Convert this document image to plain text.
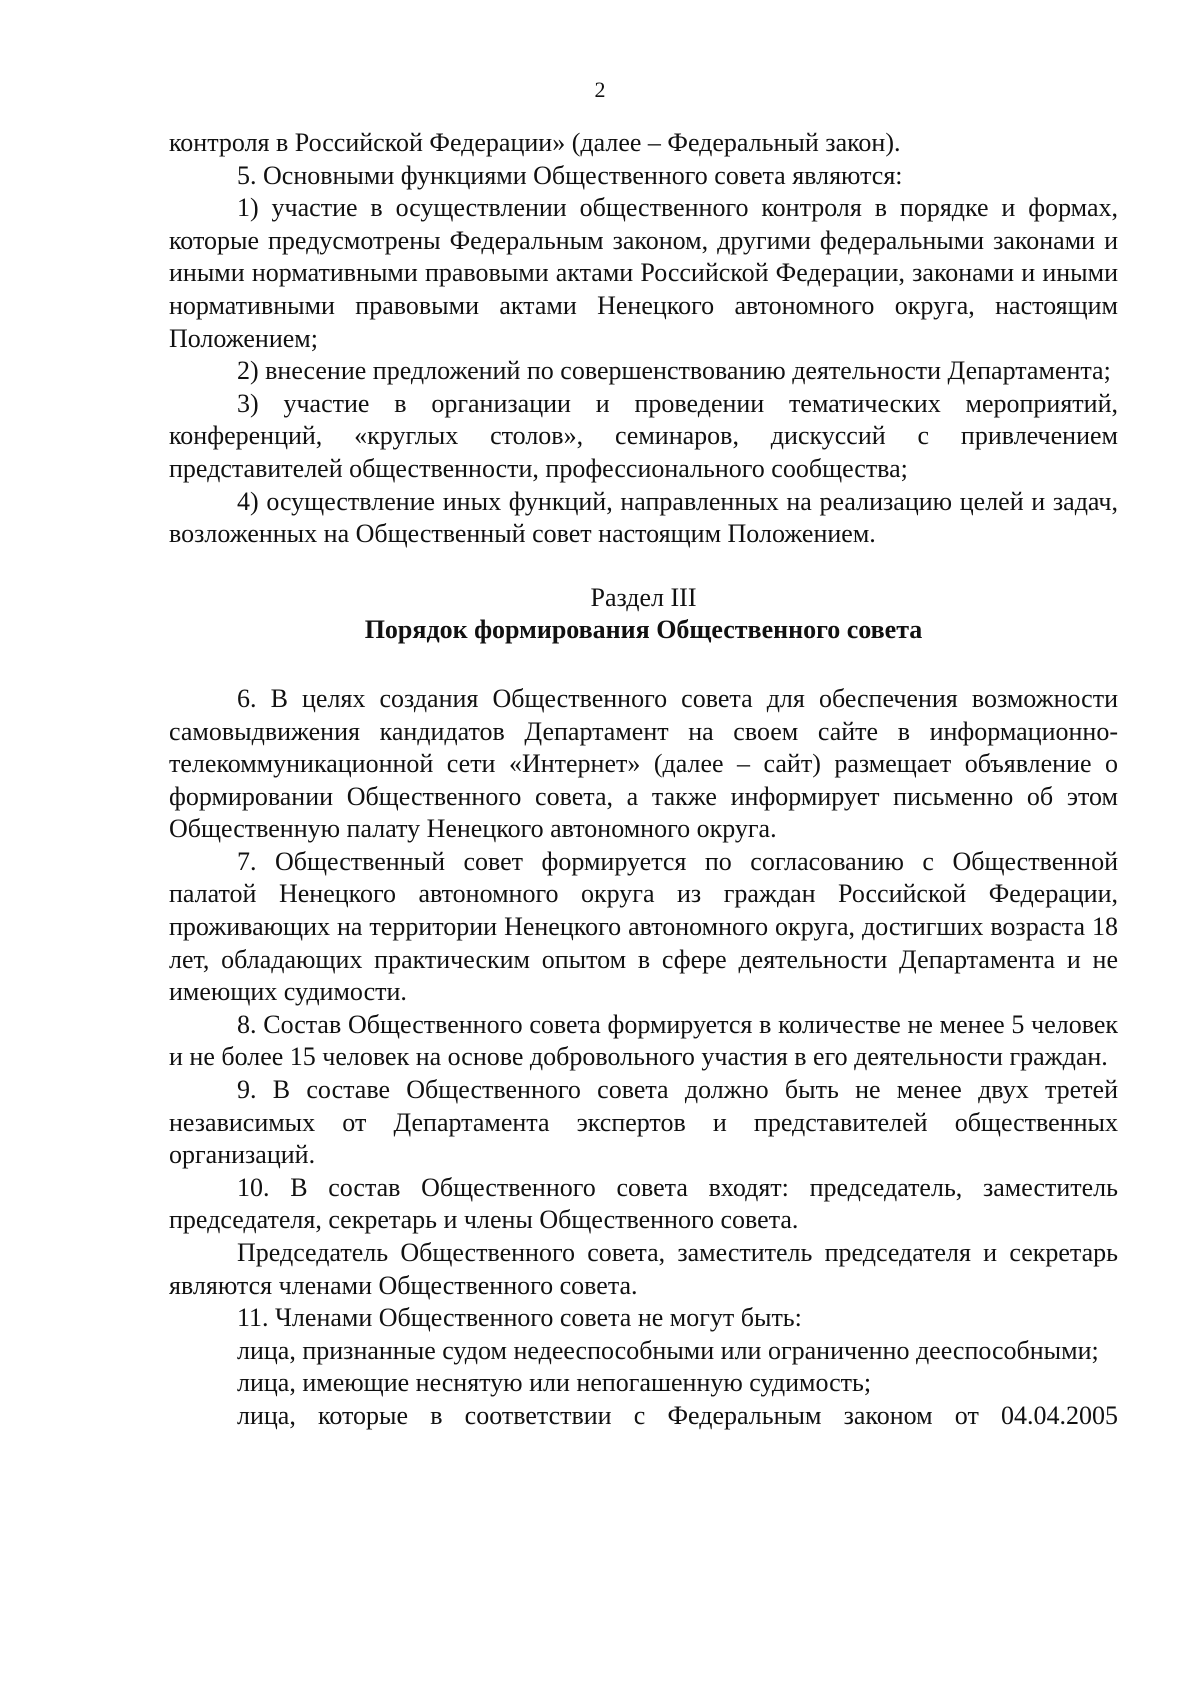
2

контроля в Российской Федерации» (далее – Федеральный закон).

5. Основными функциями Общественного совета являются:

1) участие в осуществлении общественного контроля в порядке и формах, которые предусмотрены Федеральным законом, другими федеральными законами и иными нормативными правовыми актами Российской Федерации, законами и иными нормативными правовыми актами Ненецкого автономного округа, настоящим Положением;

2) внесение предложений по совершенствованию деятельности Департамента;

3) участие в организации и проведении тематических мероприятий, конференций, «круглых столов», семинаров, дискуссий с привлечением представителей общественности, профессионального сообщества;

4) осуществление иных функций, направленных на реализацию целей и задач, возложенных на Общественный совет настоящим Положением.

Раздел III

Порядок формирования Общественного совета

6. В целях создания Общественного совета для обеспечения возможности самовыдвижения кандидатов Департамент на своем сайте в информационно-телекоммуникационной сети «Интернет» (далее – сайт) размещает объявление о формировании Общественного совета, а также информирует письменно об этом Общественную палату Ненецкого автономного округа.

7. Общественный совет формируется по согласованию с Общественной палатой Ненецкого автономного округа из граждан Российской Федерации, проживающих на территории Ненецкого автономного округа, достигших возраста 18 лет, обладающих практическим опытом в сфере деятельности Департамента и не имеющих судимости.

8. Состав Общественного совета формируется в количестве не менее 5 человек и не более 15 человек на основе добровольного участия в его деятельности граждан.

9. В составе Общественного совета должно быть не менее двух третей независимых от Департамента экспертов и представителей общественных организаций.

10. В состав Общественного совета входят: председатель, заместитель председателя, секретарь и члены Общественного совета.

Председатель Общественного совета, заместитель председателя и секретарь являются членами Общественного совета.

11. Членами Общественного совета не могут быть:

лица, признанные судом недееспособными или ограниченно дееспособными;

лица, имеющие неснятую или непогашенную судимость;

лица, которые в соответствии с Федеральным законом от 04.04.2005
